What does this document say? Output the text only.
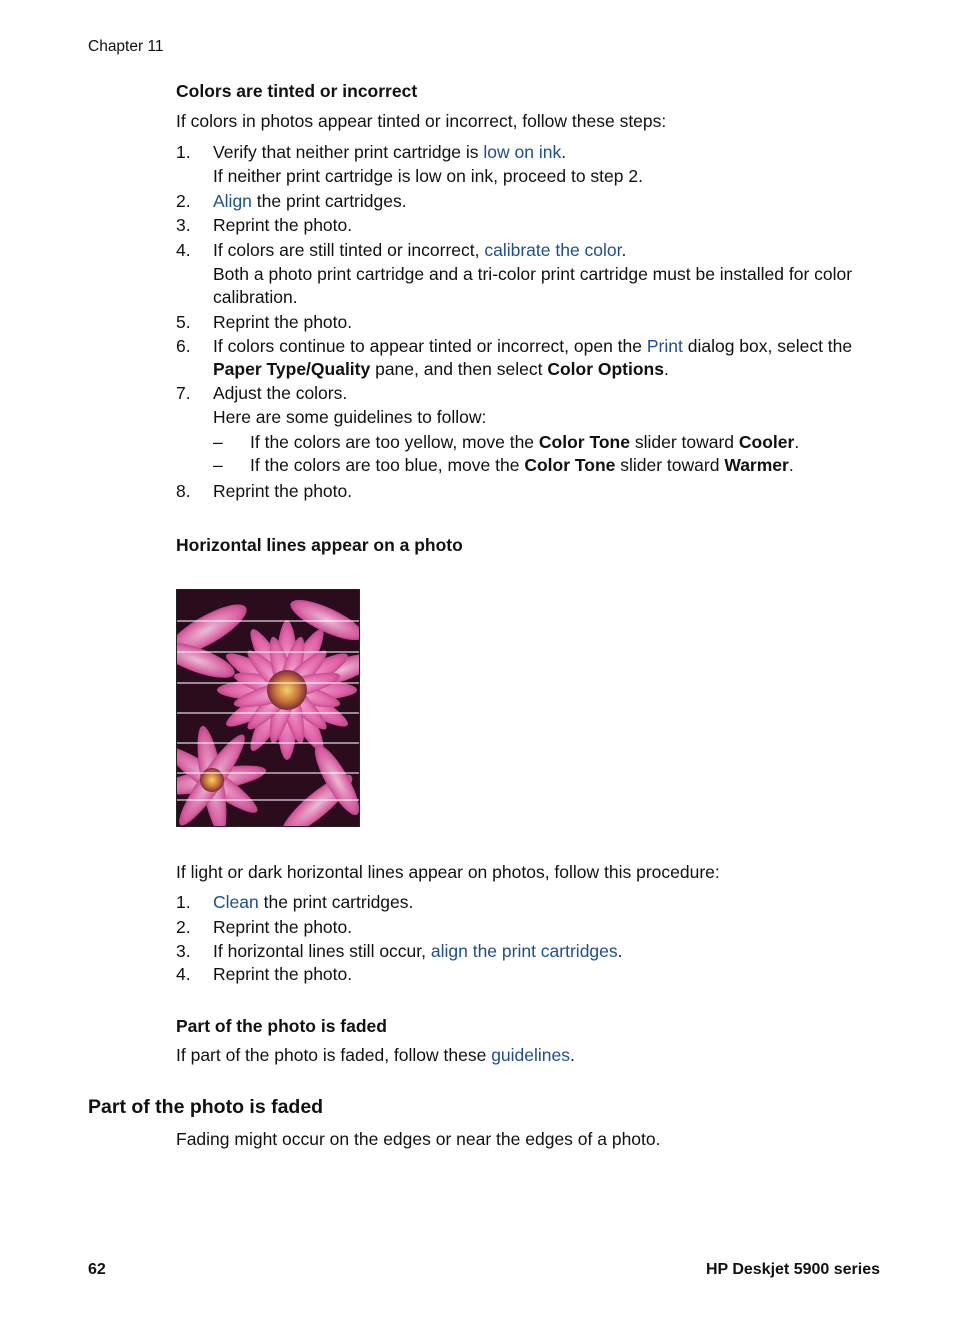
Chapter 11
Colors are tinted or incorrect
If colors in photos appear tinted or incorrect, follow these steps:
1. Verify that neither print cartridge is low on ink.
If neither print cartridge is low on ink, proceed to step 2.
2. Align the print cartridges.
3. Reprint the photo.
4. If colors are still tinted or incorrect, calibrate the color.
Both a photo print cartridge and a tri-color print cartridge must be installed for color calibration.
5. Reprint the photo.
6. If colors continue to appear tinted or incorrect, open the Print dialog box, select the Paper Type/Quality pane, and then select Color Options.
7. Adjust the colors.
Here are some guidelines to follow:
– If the colors are too yellow, move the Color Tone slider toward Cooler.
– If the colors are too blue, move the Color Tone slider toward Warmer.
8. Reprint the photo.
Horizontal lines appear on a photo
If light or dark horizontal lines appear on photos, follow this procedure:
1. Clean the print cartridges.
2. Reprint the photo.
3. If horizontal lines still occur, align the print cartridges.
4. Reprint the photo.
Part of the photo is faded
If part of the photo is faded, follow these guidelines.
Part of the photo is faded
Fading might occur on the edges or near the edges of a photo.
62	HP Deskjet 5900 series
